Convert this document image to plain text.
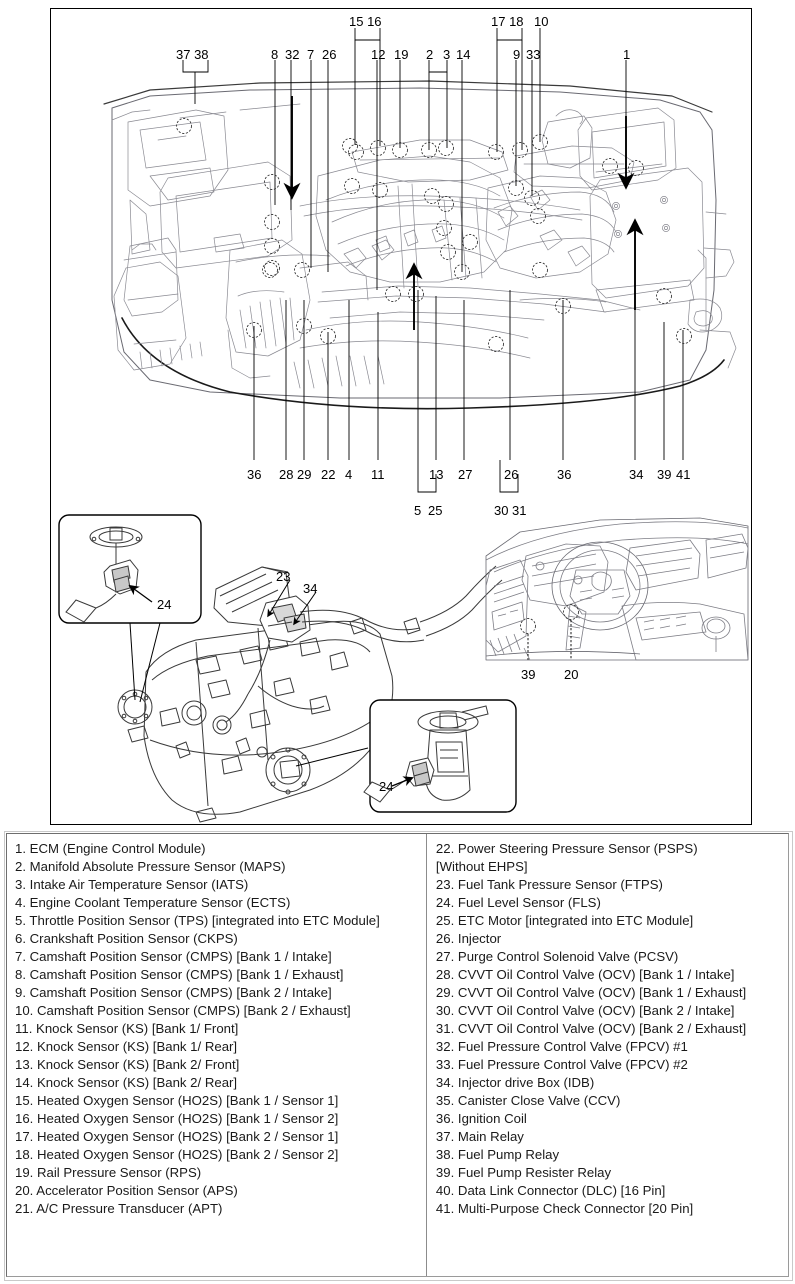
37 38	8 32 7 26
15 16
12 19 2 3 14
17 18
9 33
10
1
36 28 29 22 4 11	13 27
5 25
26
30 31
36	34 39 41
24
23
34
24
39 20
1. ECM (Engine Control Module)
2. Manifold Absolute Pressure Sensor (MAPS)
3. Intake Air Temperature Sensor (IATS)
4. Engine Coolant Temperature Sensor (ECTS)
5. Throttle Position Sensor (TPS) [integrated into ETC Module]
6. Crankshaft Position Sensor (CKPS)
7. Camshaft Position Sensor (CMPS) [Bank 1 / Intake]
8. Camshaft Position Sensor (CMPS) [Bank 1 / Exhaust]
9. Camshaft Position Sensor (CMPS) [Bank 2 / Intake]
10. Camshaft Position Sensor (CMPS) [Bank 2 / Exhaust]
11. Knock Sensor (KS) [Bank 1/ Front]
12. Knock Sensor (KS) [Bank 1/ Rear]
13. Knock Sensor (KS) [Bank 2/ Front]
14. Knock Sensor (KS) [Bank 2/ Rear]
15. Heated Oxygen Sensor (HO2S) [Bank 1 / Sensor 1]
16. Heated Oxygen Sensor (HO2S) [Bank 1 / Sensor 2]
17. Heated Oxygen Sensor (HO2S) [Bank 2 / Sensor 1]
18. Heated Oxygen Sensor (HO2S) [Bank 2 / Sensor 2]
19. Rail Pressure Sensor (RPS)
20. Accelerator Position Sensor (APS)
21. A/C Pressure Transducer (APT)
22. Power Steering Pressure Sensor (PSPS)
[Without EHPS]
23. Fuel Tank Pressure Sensor (FTPS)
24. Fuel Level Sensor (FLS)
25. ETC Motor [integrated into ETC Module]
26. Injector
27. Purge Control Solenoid Valve (PCSV)
28. CVVT Oil Control Valve (OCV) [Bank 1 / Intake]
29. CVVT Oil Control Valve (OCV) [Bank 1 / Exhaust]
30. CVVT Oil Control Valve (OCV) [Bank 2 / Intake]
31. CVVT Oil Control Valve (OCV) [Bank 2 / Exhaust]
32. Fuel Pressure Control Valve (FPCV) #1
33. Fuel Pressure Control Valve (FPCV) #2
34. Injector drive Box (IDB)
35. Canister Close Valve (CCV)
36. Ignition Coil
37. Main Relay
38. Fuel Pump Relay
39. Fuel Pump Resister Relay
40. Data Link Connector (DLC) [16 Pin]
41. Multi-Purpose Check Connector [20 Pin]
